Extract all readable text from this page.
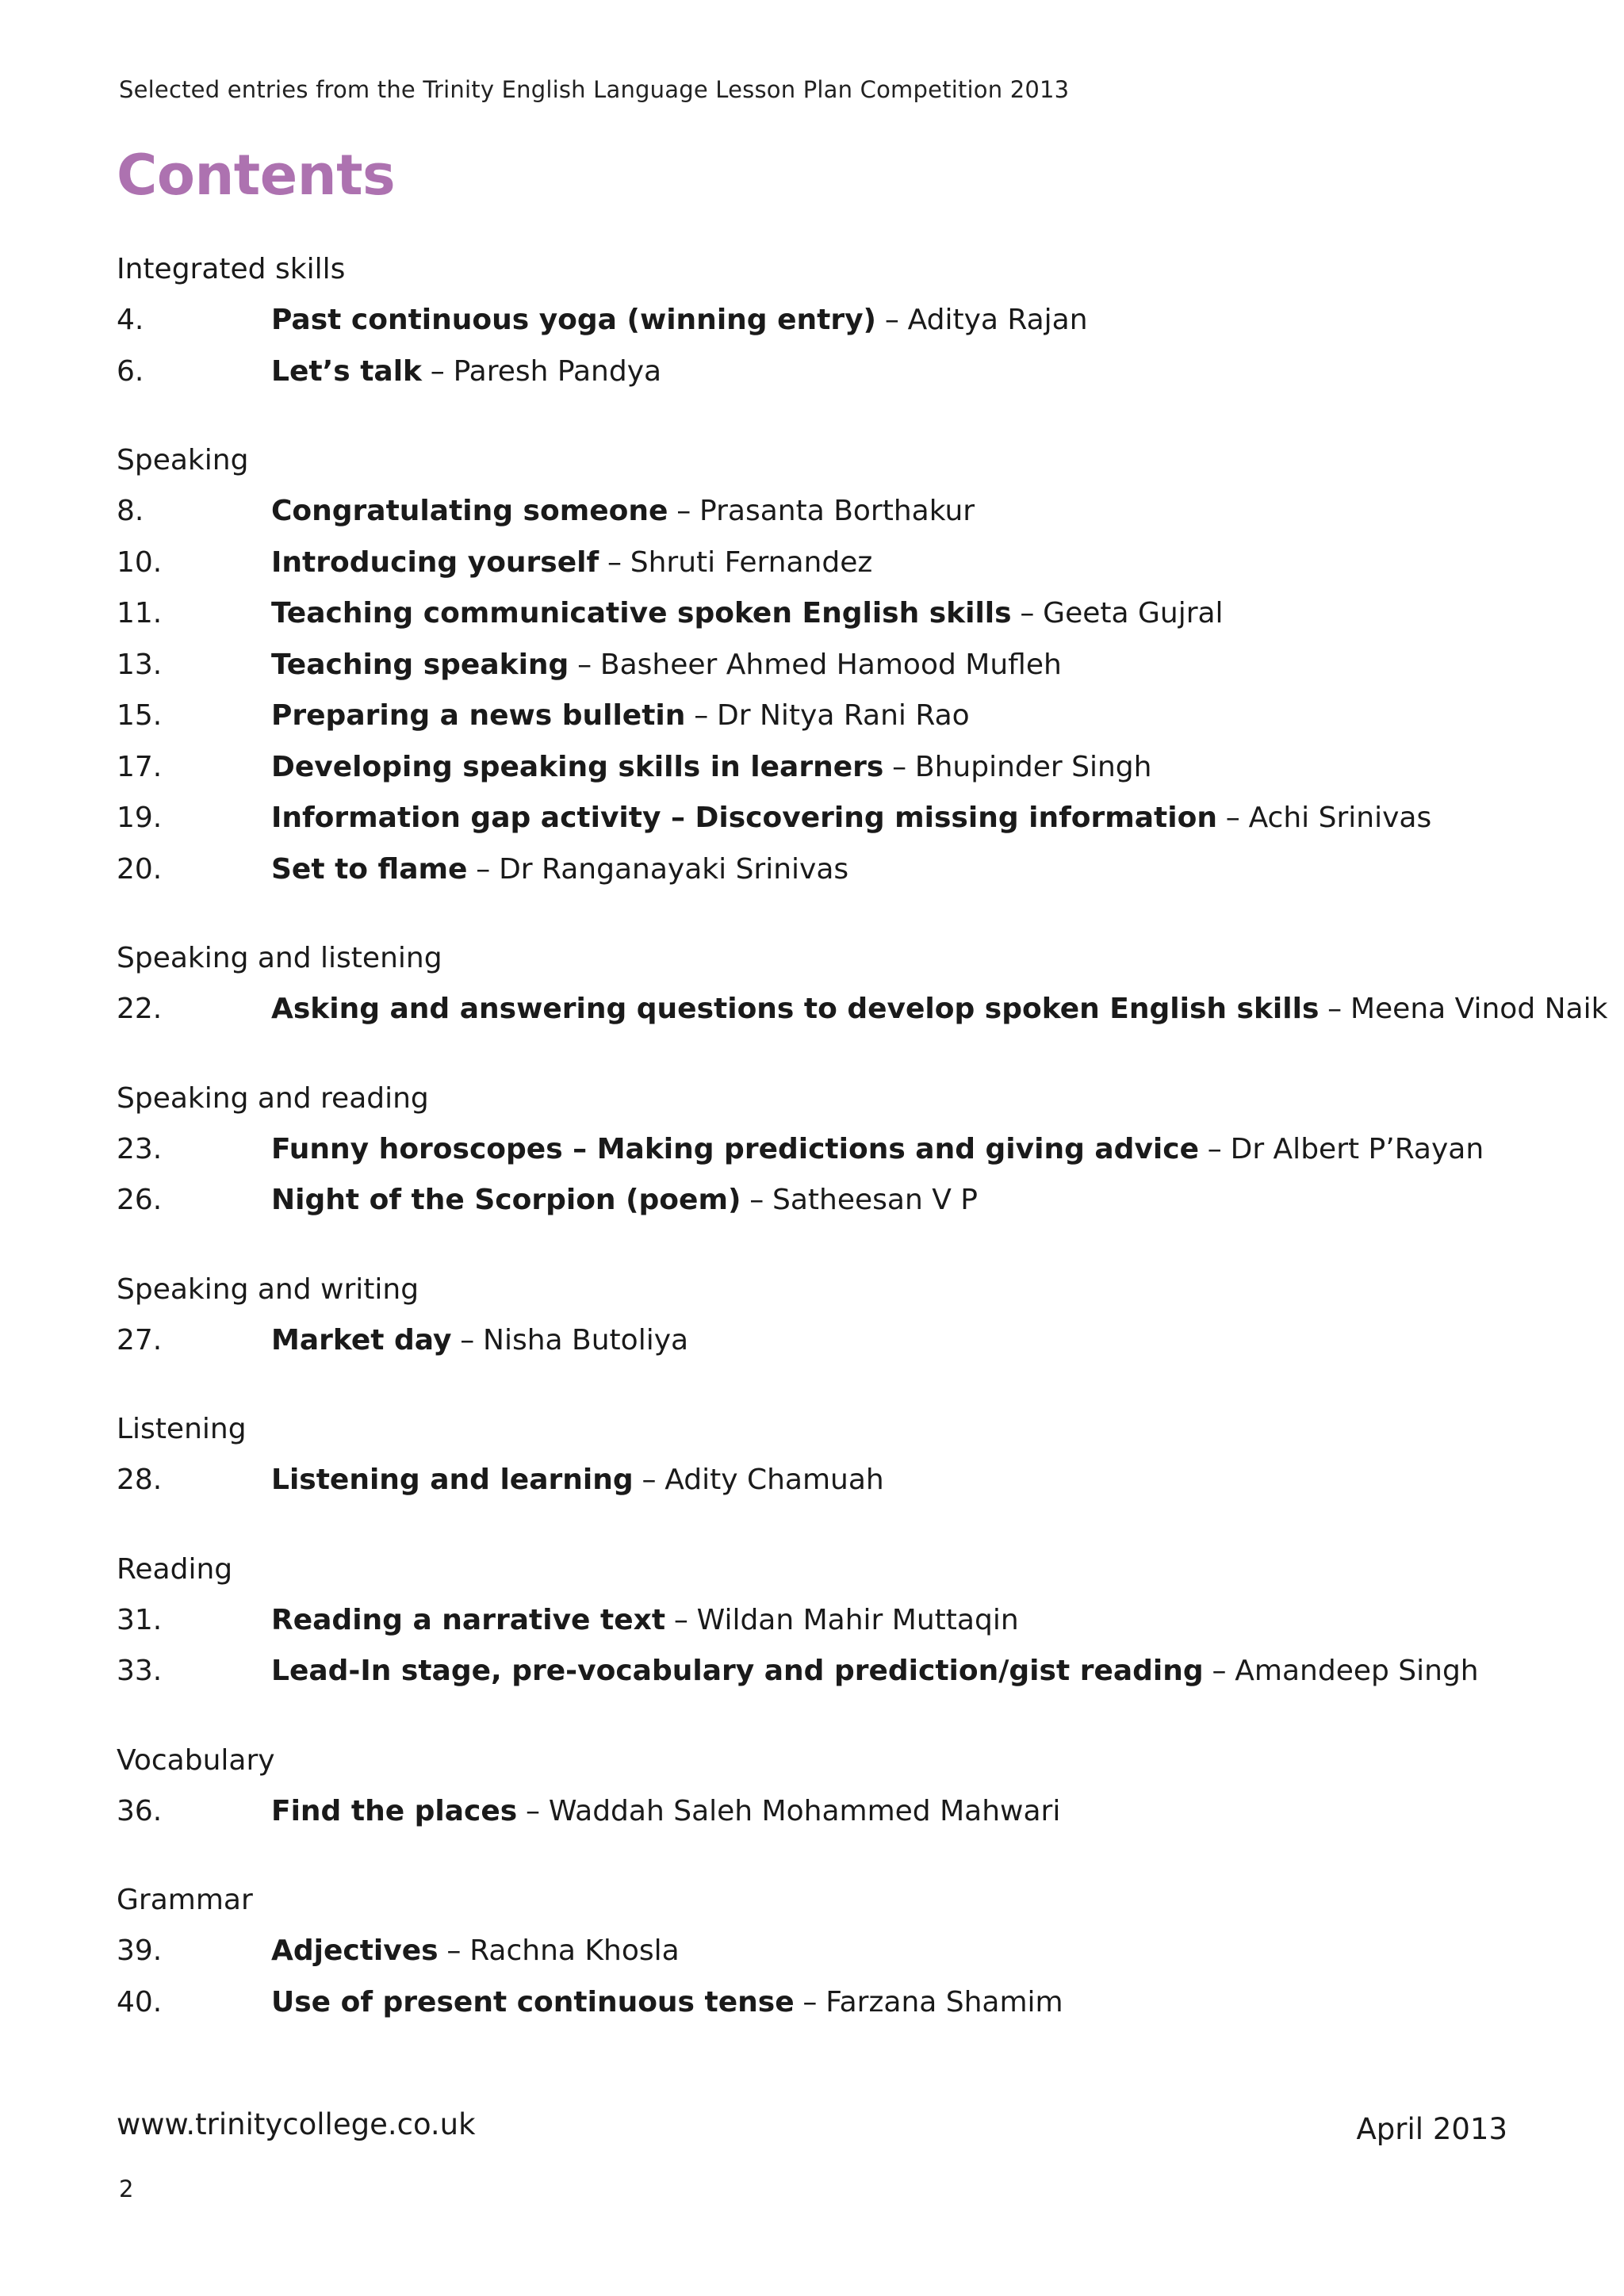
Selected entries from the Trinity English Language Lesson Plan Competition 2013
Contents
Integrated skills
4.	Past continuous yoga (winning entry) – Aditya Rajan
6.	Let’s talk – Paresh Pandya
Speaking
8.	Congratulating someone – Prasanta Borthakur
10.	Introducing yourself – Shruti Fernandez
11.	Teaching communicative spoken English skills – Geeta Gujral
13.	Teaching speaking – Basheer Ahmed Hamood Mufleh
15.	Preparing a news bulletin – Dr Nitya Rani Rao
17.	Developing speaking skills in learners – Bhupinder Singh
19.	Information gap activity – Discovering missing information – Achi Srinivas
20.	Set to flame – Dr Ranganayaki Srinivas
Speaking and listening
22.	Asking and answering questions to develop spoken English skills – Meena Vinod Naik
Speaking and reading
23.	Funny horoscopes – Making predictions and giving advice – Dr Albert P’Rayan
26.	Night of the Scorpion (poem) – Satheesan V P
Speaking and writing
27.	Market day – Nisha Butoliya
Listening
28.	Listening and learning – Adity Chamuah
Reading
31.	Reading a narrative text – Wildan Mahir Muttaqin
33.	Lead-In stage, pre-vocabulary and prediction/gist reading – Amandeep Singh
Vocabulary
36.	Find the places – Waddah Saleh Mohammed Mahwari
Grammar
39.	Adjectives – Rachna Khosla
40.	Use of present continuous tense – Farzana Shamim
www.trinitycollege.co.uk	April 2013
2
